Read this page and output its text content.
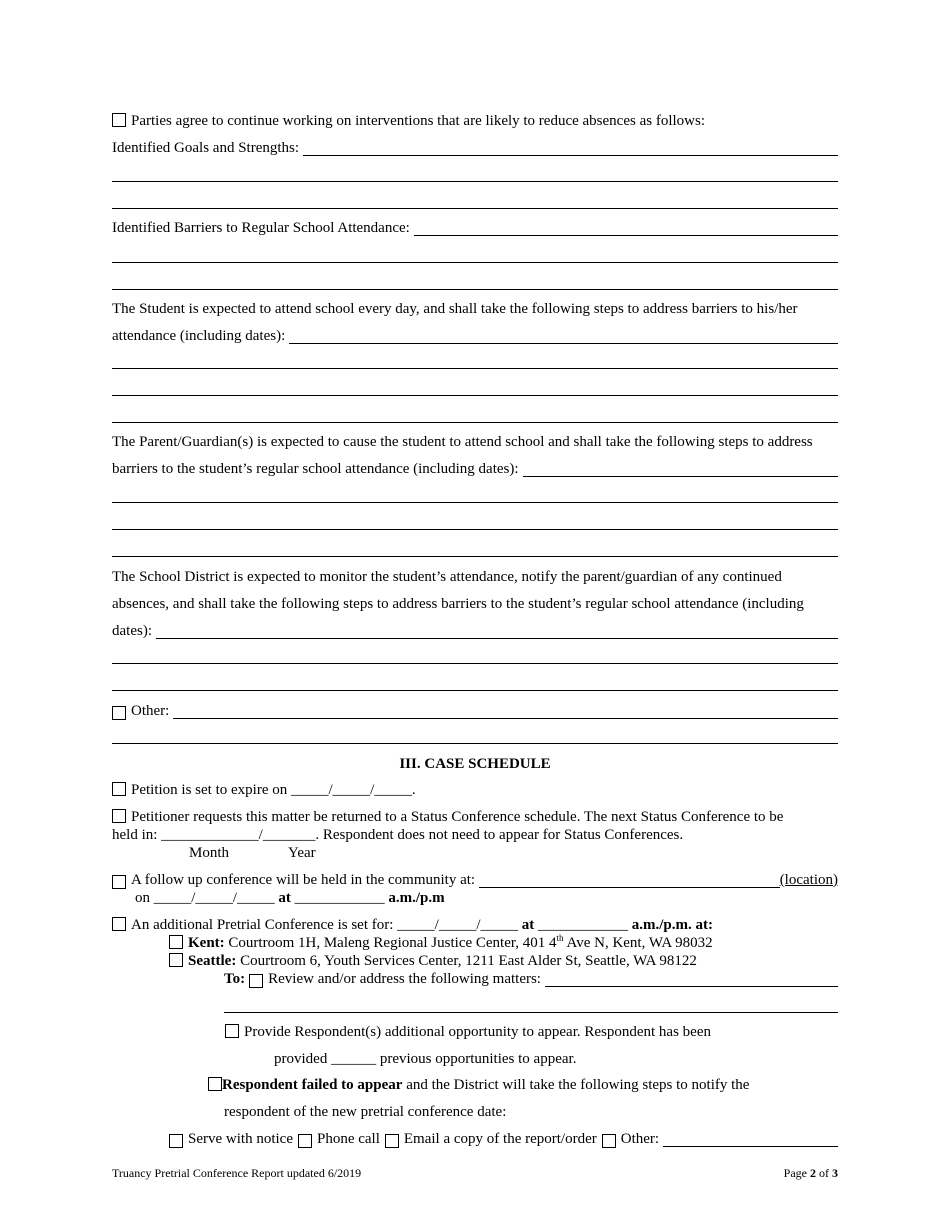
Parties agree to continue working on interventions that are likely to reduce absences as follows:
Identified Goals and Strengths:
Identified Barriers to Regular School Attendance:
The Student is expected to attend school every day, and shall take the following steps to address barriers to his/her
attendance (including dates):
The Parent/Guardian(s) is expected to cause the student to attend school and shall take the following steps to address
barriers to the student’s regular school attendance (including dates):
The School District is expected to monitor the student’s attendance, notify the parent/guardian of any continued
absences, and shall take the following steps to address barriers to the student’s regular school attendance (including
dates):
Other:
III. CASE SCHEDULE
Petition is set to expire on _____/_____/_____.
Petitioner requests this matter be returned to a Status Conference schedule. The next Status Conference to be
held in: _____________/_______. Respondent does not need to appear for Status Conferences.
Month	Year
A follow up conference will be held in the community at:	(location)
on _____/_____/_____ at ____________ a.m./p.m
An additional Pretrial Conference is set for: _____/_____/_____ at ____________ a.m./p.m. at:
Kent: Courtroom 1H, Maleng Regional Justice Center, 401 4th Ave N, Kent, WA 98032
Seattle: Courtroom 6, Youth Services Center, 1211 East Alder St, Seattle, WA 98122
To: Review and/or address the following matters:
Provide Respondent(s) additional opportunity to appear. Respondent has been
provided ______ previous opportunities to appear.
Respondent failed to appear and the District will take the following steps to notify the
respondent of the new pretrial conference date:
Serve with notice Phone call Email a copy of the report/order Other:
Truancy Pretrial Conference Report updated 6/2019	Page 2 of 3
